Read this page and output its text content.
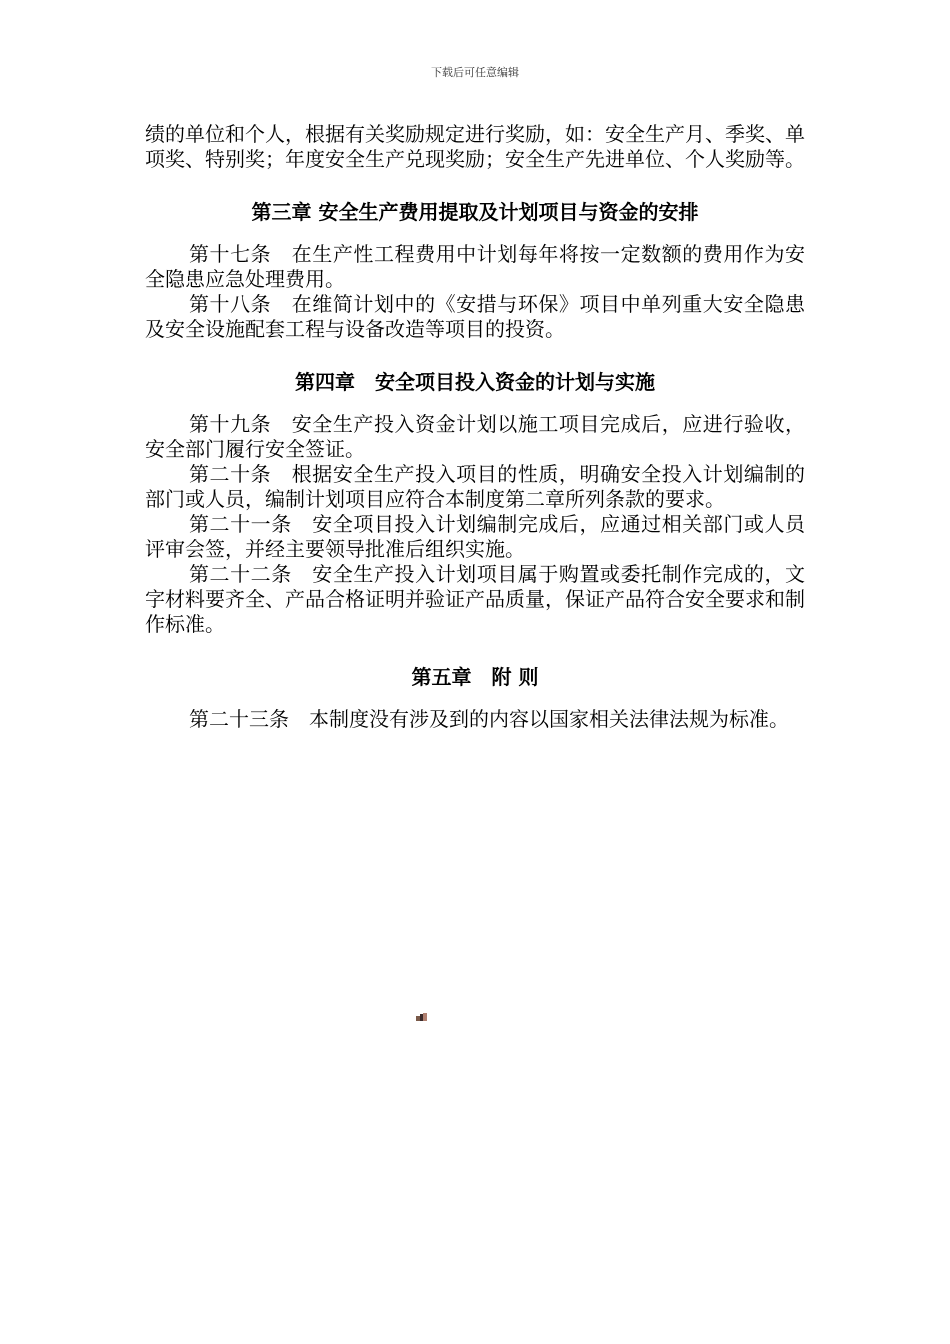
下载后可任意编辑

绩的单位和个人，根据有关奖励规定进行奖励，如：安全生产月、季奖、单项奖、特别奖；年度安全生产兑现奖励；安全生产先进单位、个人奖励等。

第三章 安全生产费用提取及计划项目与资金的安排

第十七条　在生产性工程费用中计划每年将按一定数额的费用作为安全隐患应急处理费用。

第十八条　在维简计划中的《安措与环保》项目中单列重大安全隐患及安全设施配套工程与设备改造等项目的投资。

第四章　安全项目投入资金的计划与实施

第十九条　安全生产投入资金计划以施工项目完成后，应进行验收，安全部门履行安全签证。

第二十条　根据安全生产投入项目的性质，明确安全投入计划编制的部门或人员，编制计划项目应符合本制度第二章所列条款的要求。

第二十一条　安全项目投入计划编制完成后，应通过相关部门或人员评审会签，并经主要领导批准后组织实施。

第二十二条　安全生产投入计划项目属于购置或委托制作完成的，文字材料要齐全、产品合格证明并验证产品质量，保证产品符合安全要求和制作标准。

第五章　附 则

第二十三条　本制度没有涉及到的内容以国家相关法律法规为标准。
